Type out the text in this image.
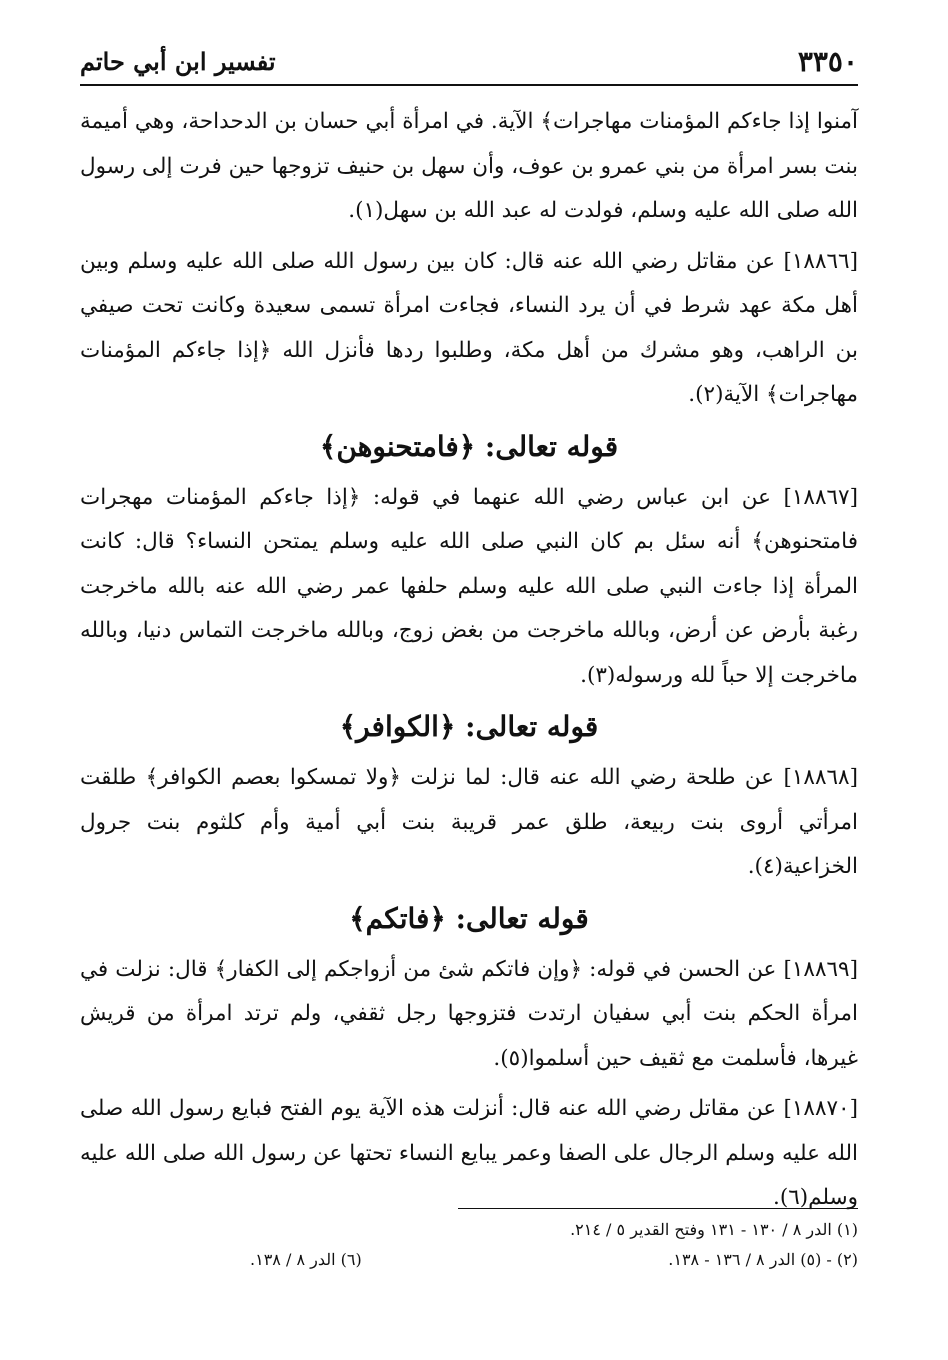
٣٣٥٠
تفسير ابن أبي حاتم

آمنوا إذا جاءكم المؤمنات مهاجرات﴾ الآية. في امرأة أبي حسان بن الدحداحة، وهي أميمة بنت بسر امرأة من بني عمرو بن عوف، وأن سهل بن حنيف تزوجها حين فرت إلى رسول الله صلى الله عليه وسلم، فولدت له عبد الله بن سهل(١).

[١٨٨٦٦] عن مقاتل رضي الله عنه قال: كان بين رسول الله صلى الله عليه وسلم وبين أهل مكة عهد شرط في أن يرد النساء، فجاءت امرأة تسمى سعيدة وكانت تحت صيفي بن الراهب، وهو مشرك من أهل مكة، وطلبوا ردها فأنزل الله ﴿إذا جاءكم المؤمنات مهاجرات﴾ الآية(٢).

قوله تعالى: ﴿فامتحنوهن﴾

[١٨٨٦٧] عن ابن عباس رضي الله عنهما في قوله: ﴿إذا جاءكم المؤمنات مهجرات فامتحنوهن﴾ أنه سئل بم كان النبي صلى الله عليه وسلم يمتحن النساء؟ قال: كانت المرأة إذا جاءت النبي صلى الله عليه وسلم حلفها عمر رضي الله عنه بالله ماخرجت رغبة بأرض عن أرض، وبالله ماخرجت من بغض زوج، وبالله ماخرجت التماس دنيا، وبالله ماخرجت إلا حباً لله ورسوله(٣).

قوله تعالى: ﴿الكوافر﴾

[١٨٨٦٨] عن طلحة رضي الله عنه قال: لما نزلت ﴿ولا تمسكوا بعصم الكوافر﴾ طلقت امرأتي أروى بنت ربيعة، طلق عمر قريبة بنت أبي أمية وأم كلثوم بنت جرول الخزاعية(٤).

قوله تعالى: ﴿فاتكم﴾

[١٨٨٦٩] عن الحسن في قوله: ﴿وإن فاتكم شئ من أزواجكم إلى الكفار﴾ قال: نزلت في امرأة الحكم بنت أبي سفيان ارتدت فتزوجها رجل ثقفي، ولم ترتد امرأة من قريش غيرها، فأسلمت مع ثقيف حين أسلموا(٥).

[١٨٨٧٠] عن مقاتل رضي الله عنه قال: أنزلت هذه الآية يوم الفتح فبايع رسول الله صلى الله عليه وسلم الرجال على الصفا وعمر يبايع النساء تحتها عن رسول الله صلى الله عليه وسلم(٦).

(١) الدر ٨ / ١٣٠ - ١٣١ وفتح القدير ٥ / ٢١٤.
(٢) - (٥) الدر ٨ / ١٣٦ - ١٣٨.
(٦) الدر ٨ / ١٣٨.
